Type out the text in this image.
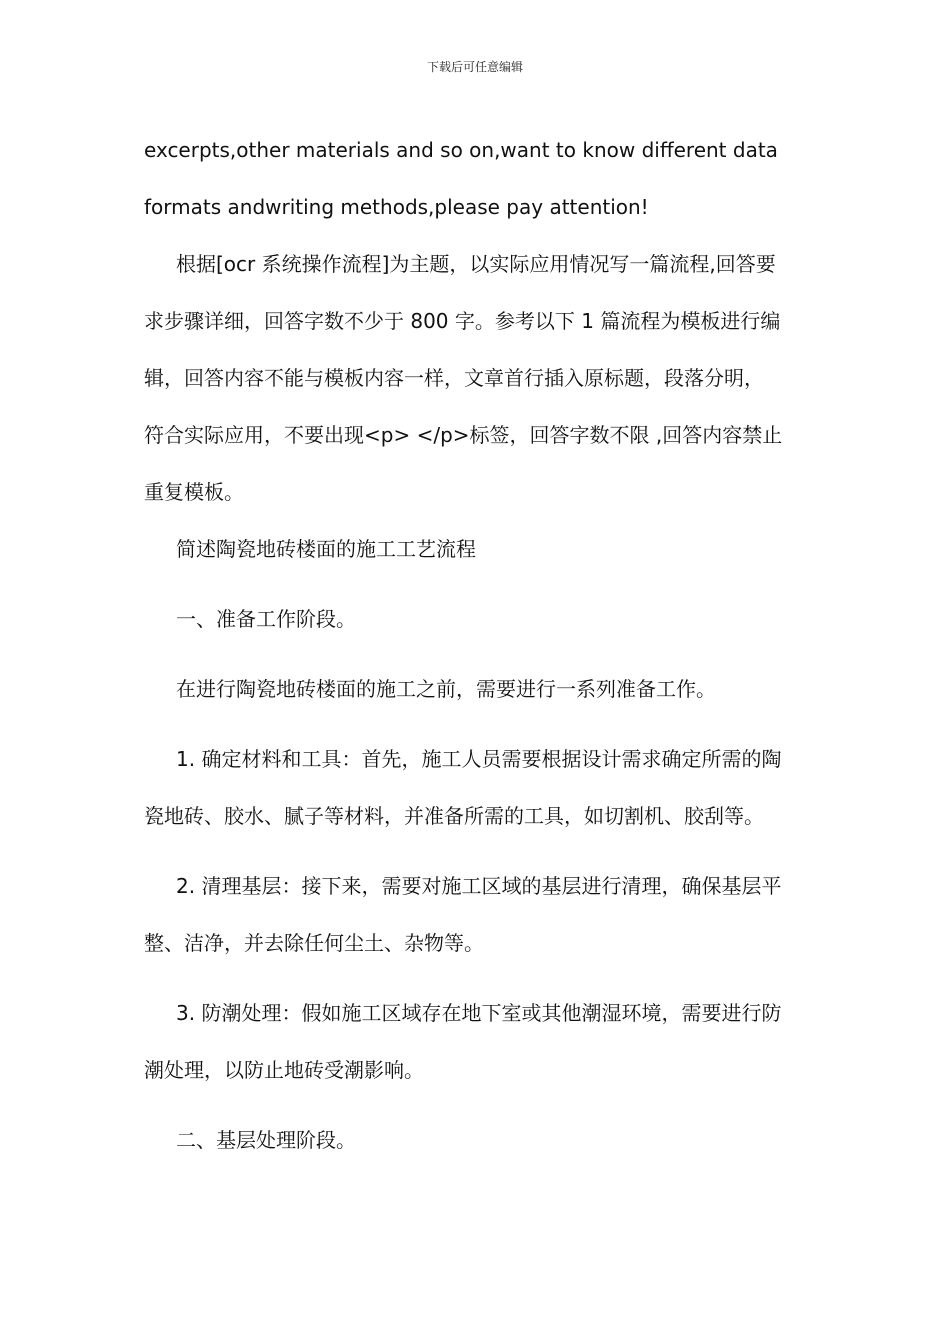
下载后可任意编辑
excerpts,other materials and so on,want to know different data
formats andwriting methods,please pay attention!
根据[ocr 系统操作流程]为主题，以实际应用情况写一篇流程,回答要
求步骤详细，回答字数不少于 800 字。参考以下 1 篇流程为模板进行编
辑，回答内容不能与模板内容一样，文章首行插入原标题，段落分明，
符合实际应用，不要出现<p> </p>标签，回答字数不限 ,回答内容禁止
重复模板。
简述陶瓷地砖楼面的施工工艺流程
一、准备工作阶段。
在进行陶瓷地砖楼面的施工之前，需要进行一系列准备工作。
1. 确定材料和工具：首先，施工人员需要根据设计需求确定所需的陶
瓷地砖、胶水、腻子等材料，并准备所需的工具，如切割机、胶刮等。
2. 清理基层：接下来，需要对施工区域的基层进行清理，确保基层平
整、洁净，并去除任何尘土、杂物等。
3. 防潮处理：假如施工区域存在地下室或其他潮湿环境，需要进行防
潮处理，以防止地砖受潮影响。
二、基层处理阶段。
